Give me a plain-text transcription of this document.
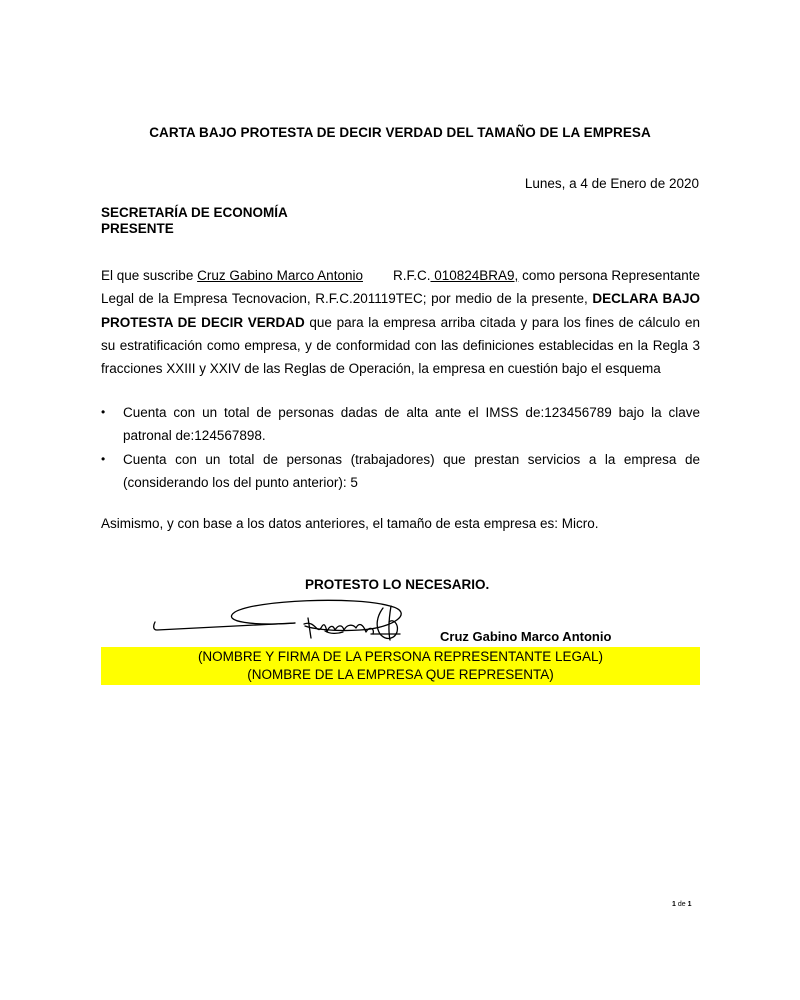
CARTA BAJO PROTESTA DE DECIR VERDAD DEL TAMAÑO DE LA EMPRESA
Lunes, a 4 de Enero de 2020
SECRETARÍA DE ECONOMÍA
PRESENTE
El que suscribe Cruz Gabino Marco Antonio R.F.C. 010824BRA9, como persona Representante Legal de la Empresa Tecnovacion, R.F.C.201119TEC; por medio de la presente, DECLARA BAJO PROTESTA DE DECIR VERDAD que para la empresa arriba citada y para los fines de cálculo en su estratificación como empresa, y de conformidad con las definiciones establecidas en la Regla 3 fracciones XXIII y XXIV de las Reglas de Operación, la empresa en cuestión bajo el esquema
• Cuenta con un total de personas dadas de alta ante el IMSS de:123456789 bajo la clave patronal de:124567898.
• Cuenta con un total de personas (trabajadores) que prestan servicios a la empresa de (considerando los del punto anterior): 5
Asimismo, y con base a los datos anteriores, el tamaño de esta empresa es: Micro.
PROTESTO LO NECESARIO.
Cruz Gabino Marco Antonio
(NOMBRE Y FIRMA DE LA PERSONA REPRESENTANTE LEGAL)
(NOMBRE DE LA EMPRESA QUE REPRESENTA)
1 de 1
